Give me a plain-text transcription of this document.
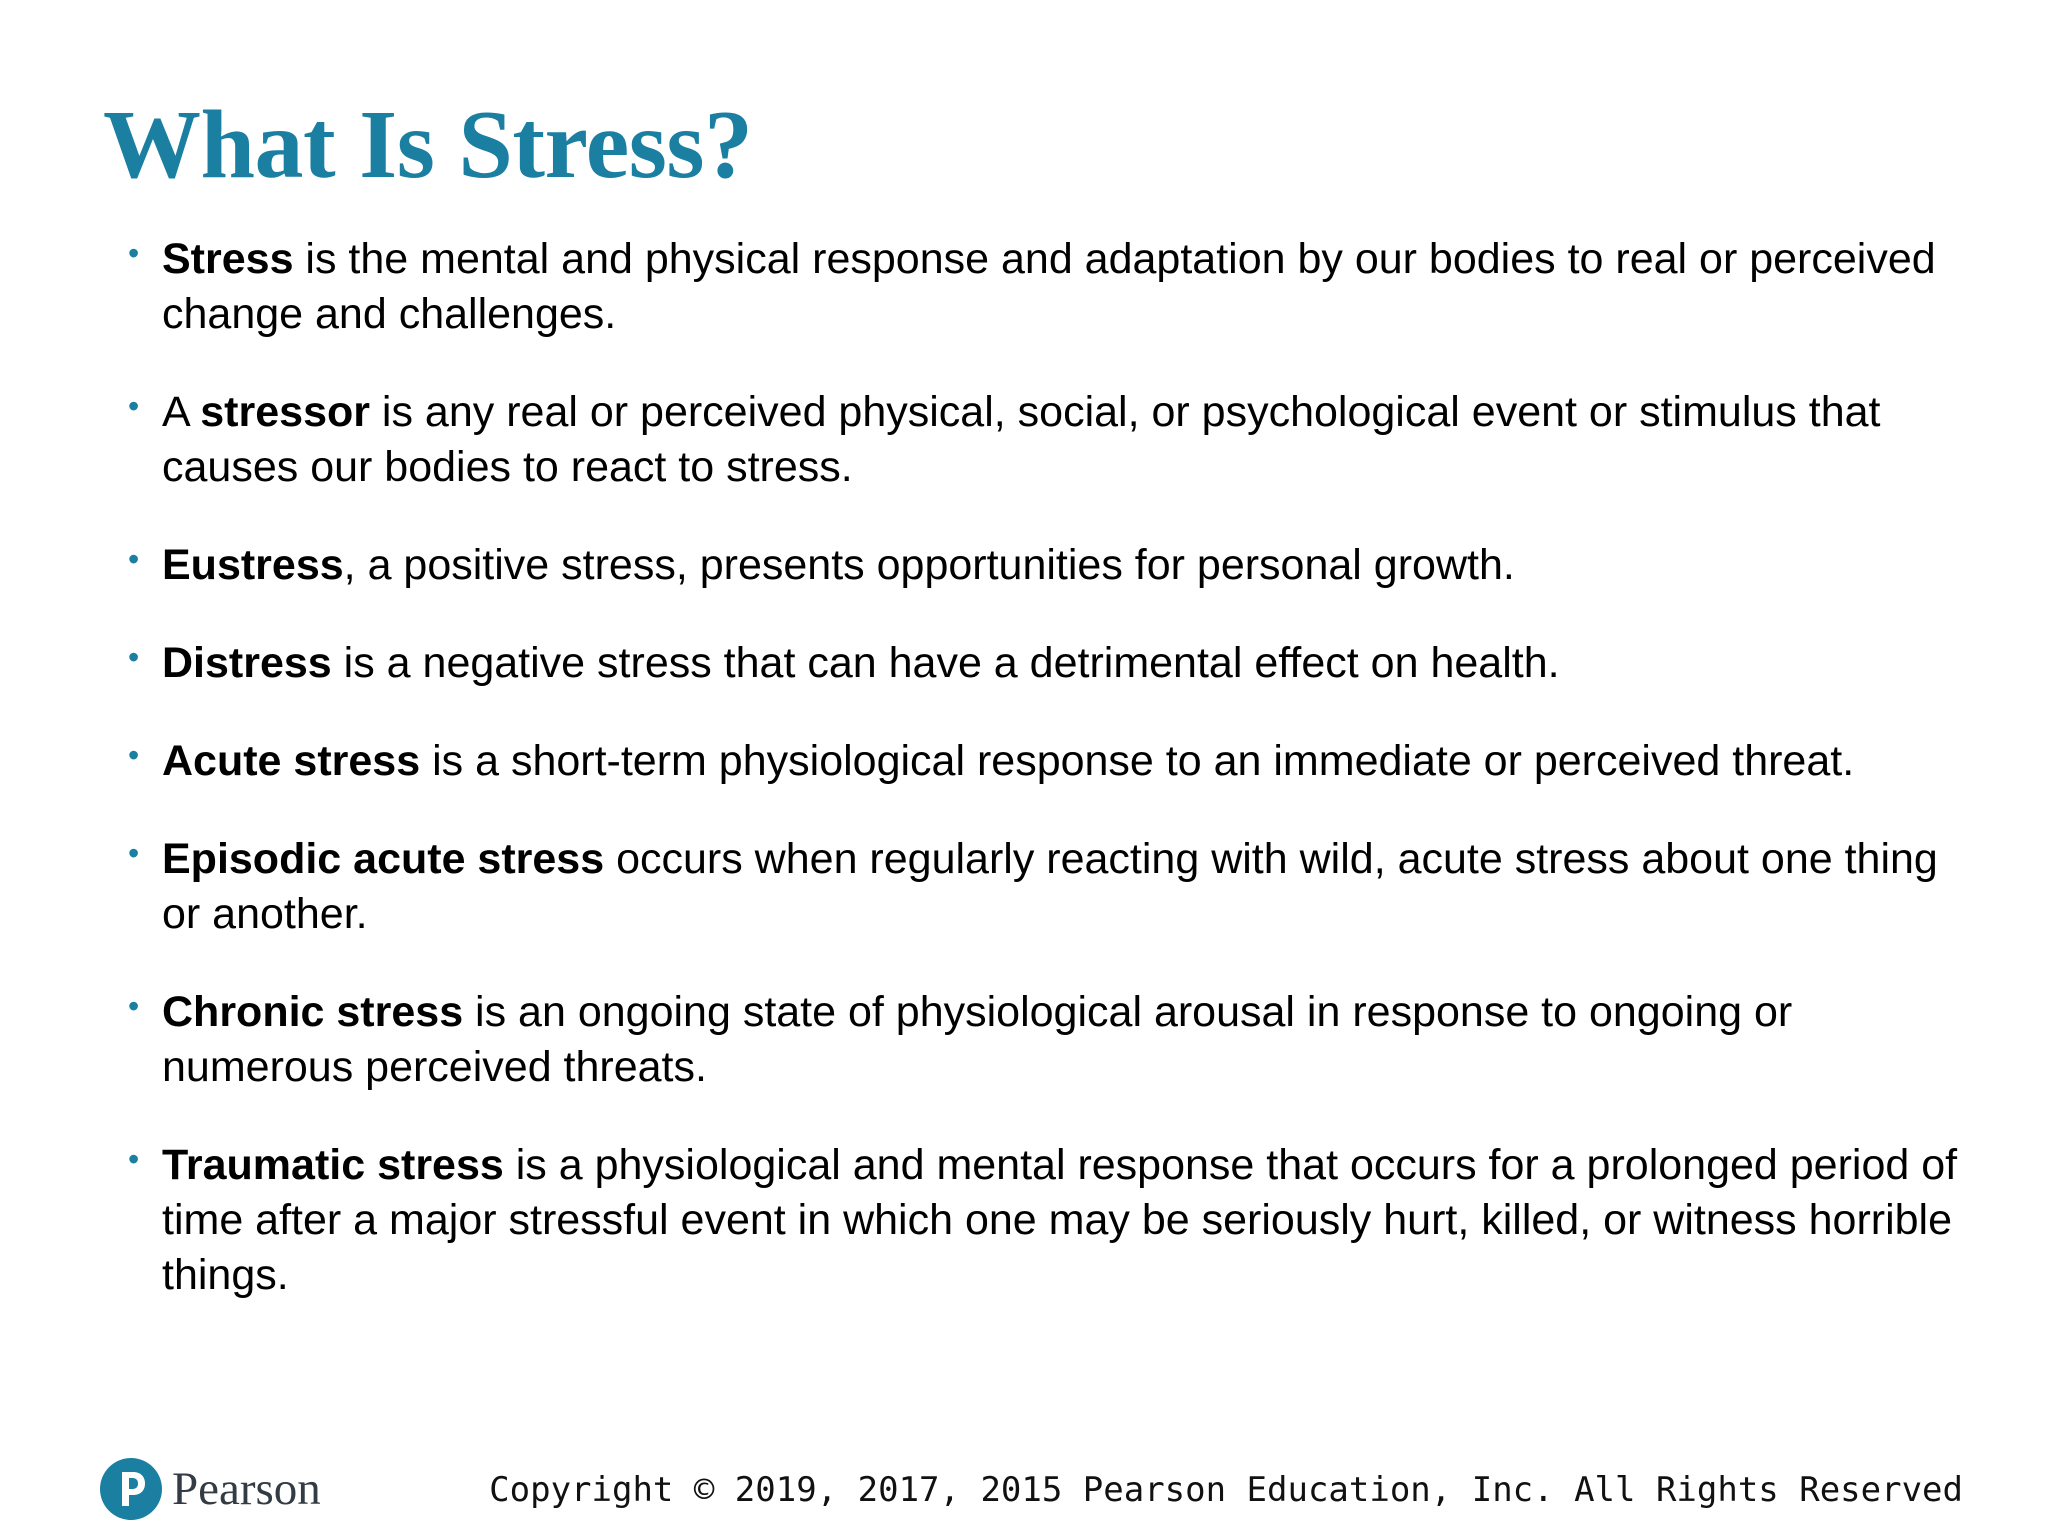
What Is Stress?
• Stress is the mental and physical response and adaptation by our bodies to real or perceived change and challenges.
• A stressor is any real or perceived physical, social, or psychological event or stimulus that causes our bodies to react to stress.
• Eustress, a positive stress, presents opportunities for personal growth.
• Distress is a negative stress that can have a detrimental effect on health.
• Acute stress is a short-term physiological response to an immediate or perceived threat.
• Episodic acute stress occurs when regularly reacting with wild, acute stress about one thing or another.
• Chronic stress is an ongoing state of physiological arousal in response to ongoing or numerous perceived threats.
• Traumatic stress is a physiological and mental response that occurs for a prolonged period of time after a major stressful event in which one may be seriously hurt, killed, or witness horrible things.
Pearson	Copyright © 2019, 2017, 2015 Pearson Education, Inc. All Rights Reserved
